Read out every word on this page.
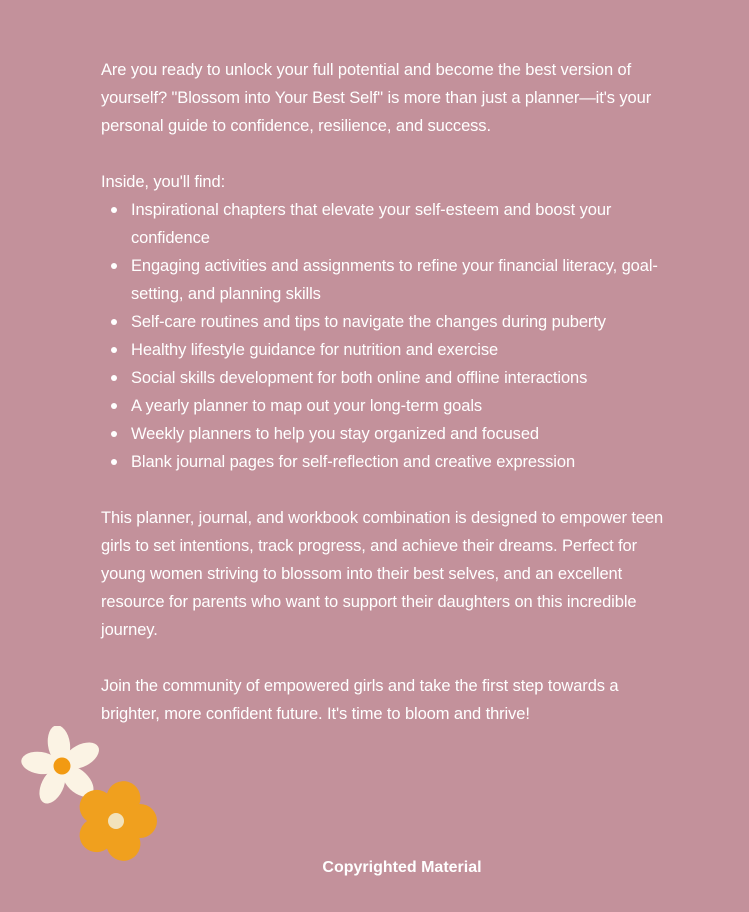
Are you ready to unlock your full potential and become the best version of yourself? "Blossom into Your Best Self" is more than just a planner—it's your personal guide to confidence, resilience, and success.

Inside, you'll find:

Inspirational chapters that elevate your self-esteem and boost your confidence
Engaging activities and assignments to refine your financial literacy, goal-setting, and planning skills
Self-care routines and tips to navigate the changes during puberty
Healthy lifestyle guidance for nutrition and exercise
Social skills development for both online and offline interactions
A yearly planner to map out your long-term goals
Weekly planners to help you stay organized and focused
Blank journal pages for self-reflection and creative expression

This planner, journal, and workbook combination is designed to empower teen girls to set intentions, track progress, and achieve their dreams. Perfect for young women striving to blossom into their best selves, and an excellent resource for parents who want to support their daughters on this incredible journey.

Join the community of empowered girls and take the first step towards a brighter, more confident future. It's time to bloom and thrive!

Copyrighted Material
